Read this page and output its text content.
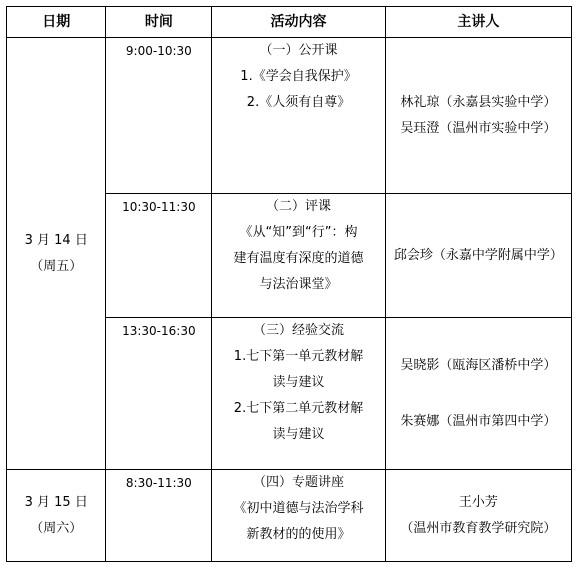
日期	时间	活动内容	主讲人

3 月 14 日
（周五）	9:00-10:30	（一）公开课
1.《学会自我保护》
2.《人须有自尊》	林礼琼（永嘉县实验中学）
吴珏澄（温州市实验中学）

	10:30-11:30	（二）评课
《从“知”到“行”：构
建有温度有深度的道德
与法治课堂》	邱会珍（永嘉中学附属中学）

	13:30-16:30	（三）经验交流
1.七下第一单元教材解
读与建议
2.七下第二单元教材解
读与建议	吴晓影（瓯海区潘桥中学）
朱赛娜（温州市第四中学）

3 月 15 日
（周六）	8:30-11:30	（四）专题讲座
《初中道德与法治学科
新教材的的使用》	王小芳
（温州市教育教学研究院）
